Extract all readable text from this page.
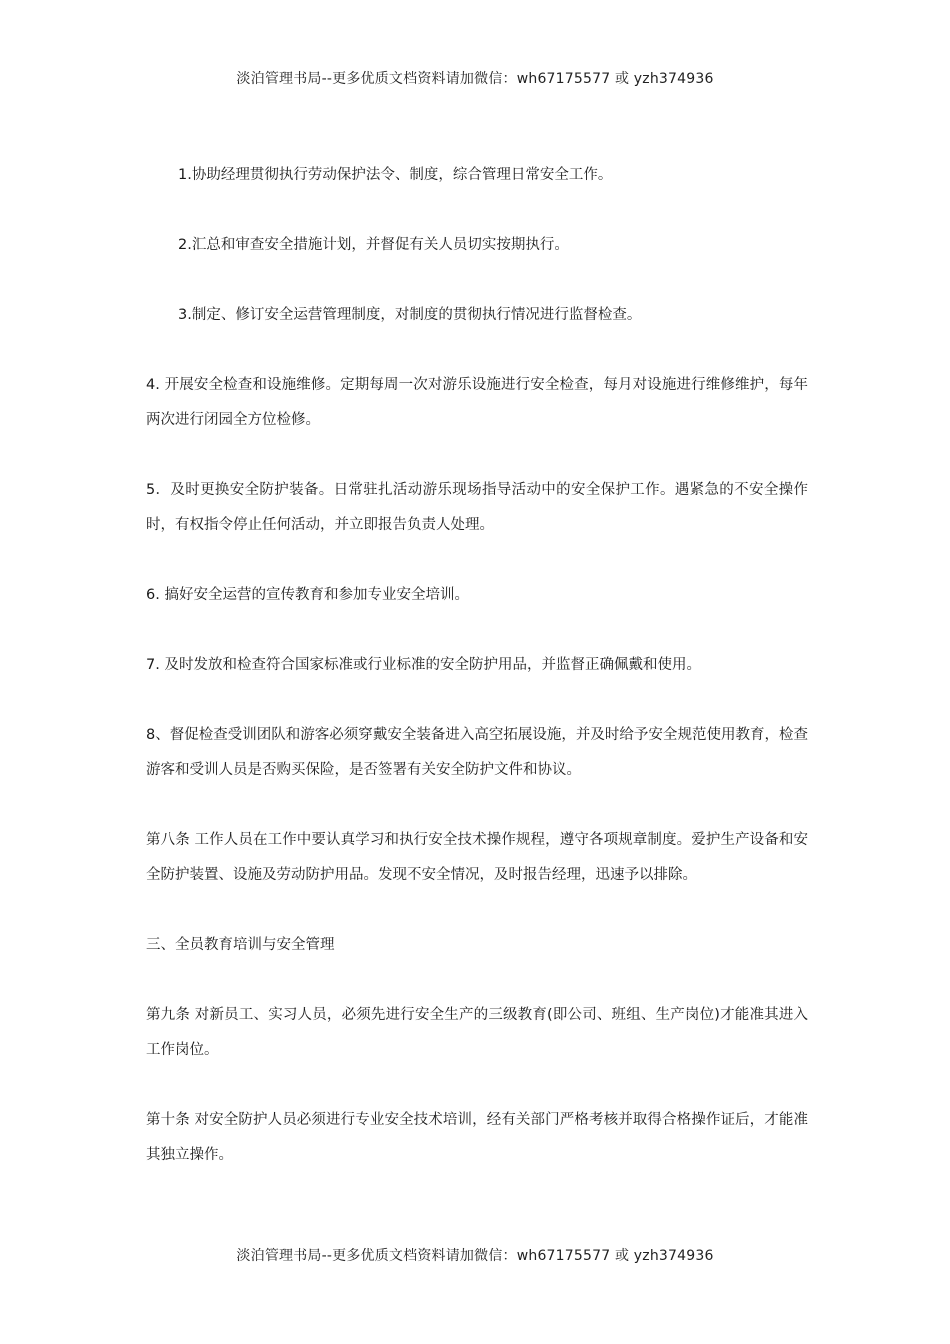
淡泊管理书局--更多优质文档资料请加微信：wh67175577 或 yzh374936

1.协助经理贯彻执行劳动保护法令、制度，综合管理日常安全工作。

2.汇总和审查安全措施计划，并督促有关人员切实按期执行。

3.制定、修订安全运营管理制度，对制度的贯彻执行情况进行监督检查。

4. 开展安全检查和设施维修。定期每周一次对游乐设施进行安全检查，每月对设施进行维修维护，每年两次进行闭园全方位检修。

5．及时更换安全防护装备。日常驻扎活动游乐现场指导活动中的安全保护工作。遇紧急的不安全操作时，有权指令停止任何活动，并立即报告负责人处理。

6. 搞好安全运营的宣传教育和参加专业安全培训。

7. 及时发放和检查符合国家标准或行业标准的安全防护用品，并监督正确佩戴和使用。

8、督促检查受训团队和游客必须穿戴安全装备进入高空拓展设施，并及时给予安全规范使用教育，检查游客和受训人员是否购买保险，是否签署有关安全防护文件和协议。

第八条 工作人员在工作中要认真学习和执行安全技术操作规程，遵守各项规章制度。爱护生产设备和安全防护装置、设施及劳动防护用品。发现不安全情况，及时报告经理，迅速予以排除。

三、全员教育培训与安全管理

第九条 对新员工、实习人员，必须先进行安全生产的三级教育(即公司、班组、生产岗位)才能准其进入工作岗位。

第十条 对安全防护人员必须进行专业安全技术培训，经有关部门严格考核并取得合格操作证后，才能准其独立操作。

淡泊管理书局--更多优质文档资料请加微信：wh67175577 或 yzh374936
